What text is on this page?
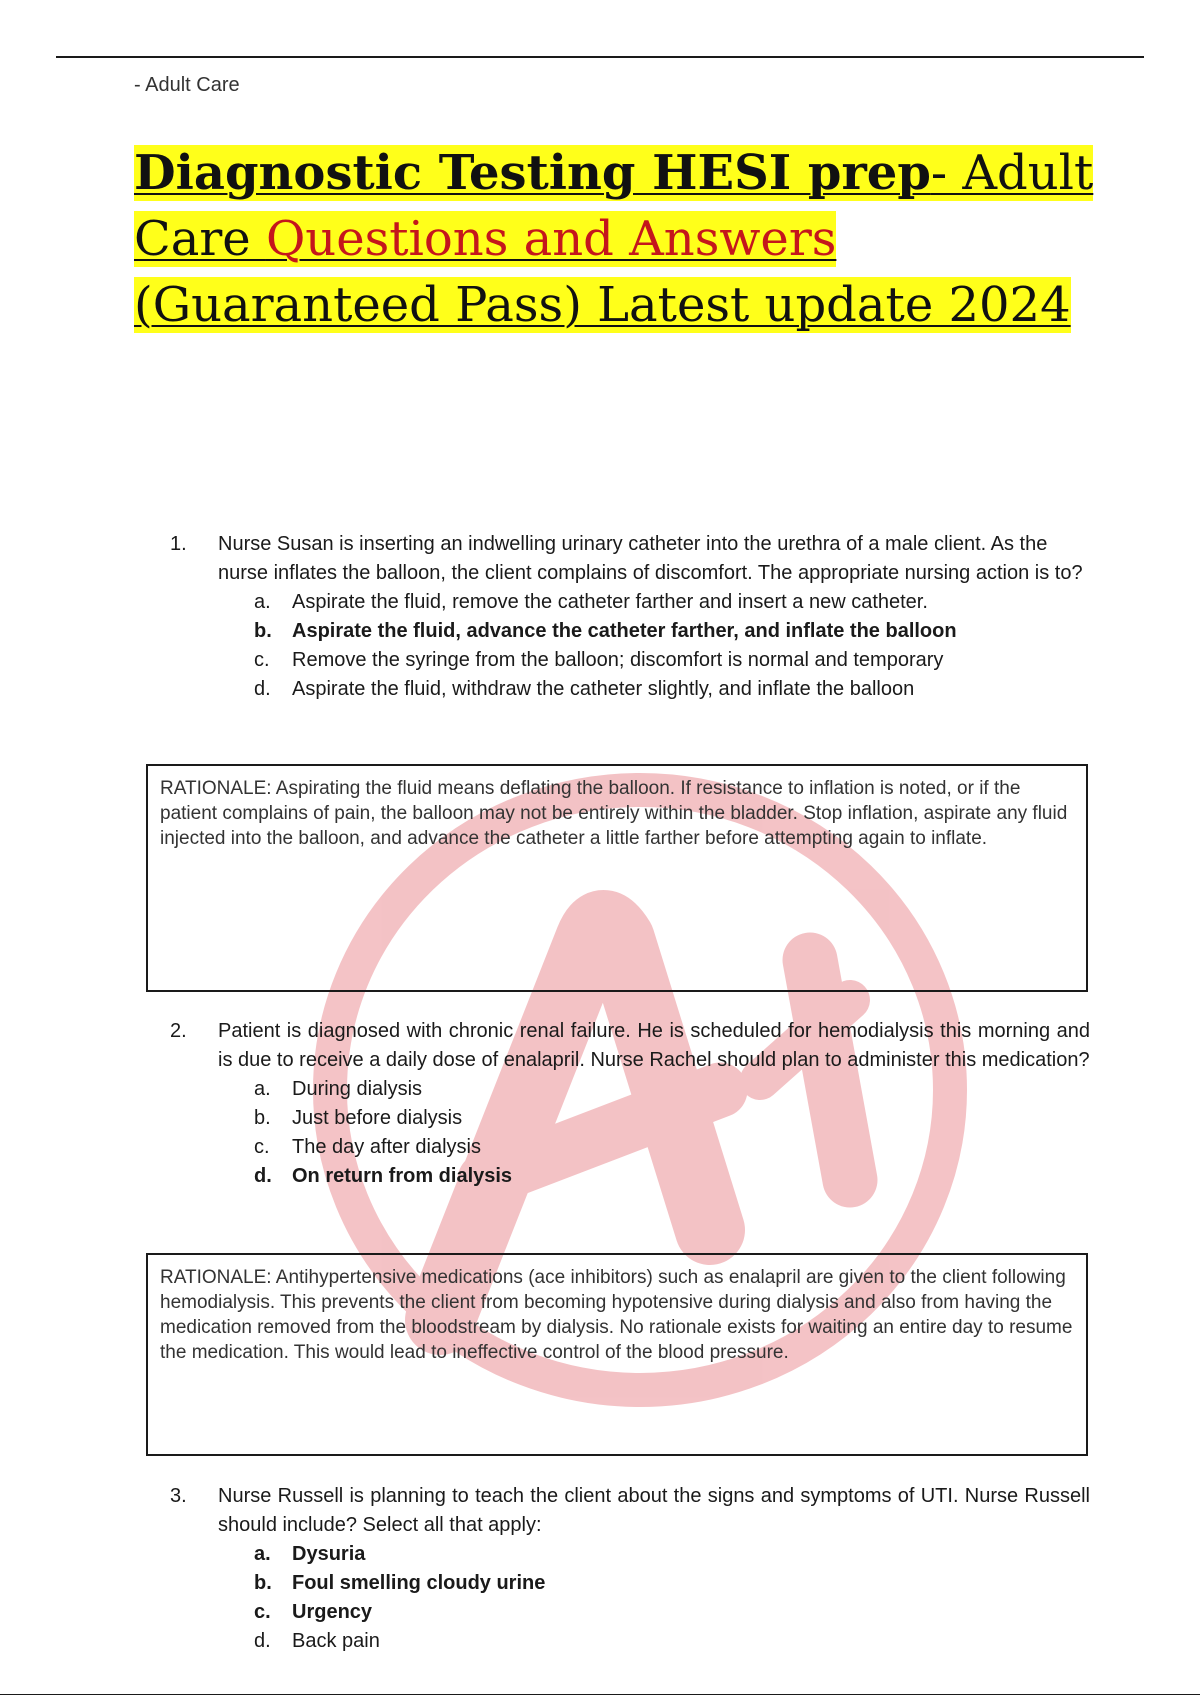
- Adult Care
Diagnostic Testing HESI prep- Adult Care Questions and Answers (Guaranteed Pass) Latest update 2024
A+
1.	Nurse Susan is inserting an indwelling urinary catheter into the urethra of a male client. As the nurse inflates the balloon, the client complains of discomfort. The appropriate nursing action is to?
a.	Aspirate the fluid, remove the catheter farther and insert a new catheter.
b.	Aspirate the fluid, advance the catheter farther, and inflate the balloon
c.	Remove the syringe from the balloon; discomfort is normal and temporary
d.	Aspirate the fluid, withdraw the catheter slightly, and inflate the balloon
RATIONALE: Aspirating the fluid means deflating the balloon. If resistance to inflation is noted, or if the patient complains of pain, the balloon may not be entirely within the bladder. Stop inflation, aspirate any fluid injected into the balloon, and advance the catheter a little farther before attempting again to inflate.
2.	Patient is diagnosed with chronic renal failure. He is scheduled for hemodialysis this morning and is due to receive a daily dose of enalapril. Nurse Rachel should plan to administer this medication?
a.	During dialysis
b.	Just before dialysis
c.	The day after dialysis
d.	On return from dialysis
RATIONALE: Antihypertensive medications (ace inhibitors) such as enalapril are given to the client following hemodialysis. This prevents the client from becoming hypotensive during dialysis and also from having the medication removed from the bloodstream by dialysis. No rationale exists for waiting an entire day to resume the medication. This would lead to ineffective control of the blood pressure.
3.	Nurse Russell is planning to teach the client about the signs and symptoms of UTI. Nurse Russell should include? Select all that apply:
a.	Dysuria
b.	Foul smelling cloudy urine
c.	Urgency
d.	Back pain
